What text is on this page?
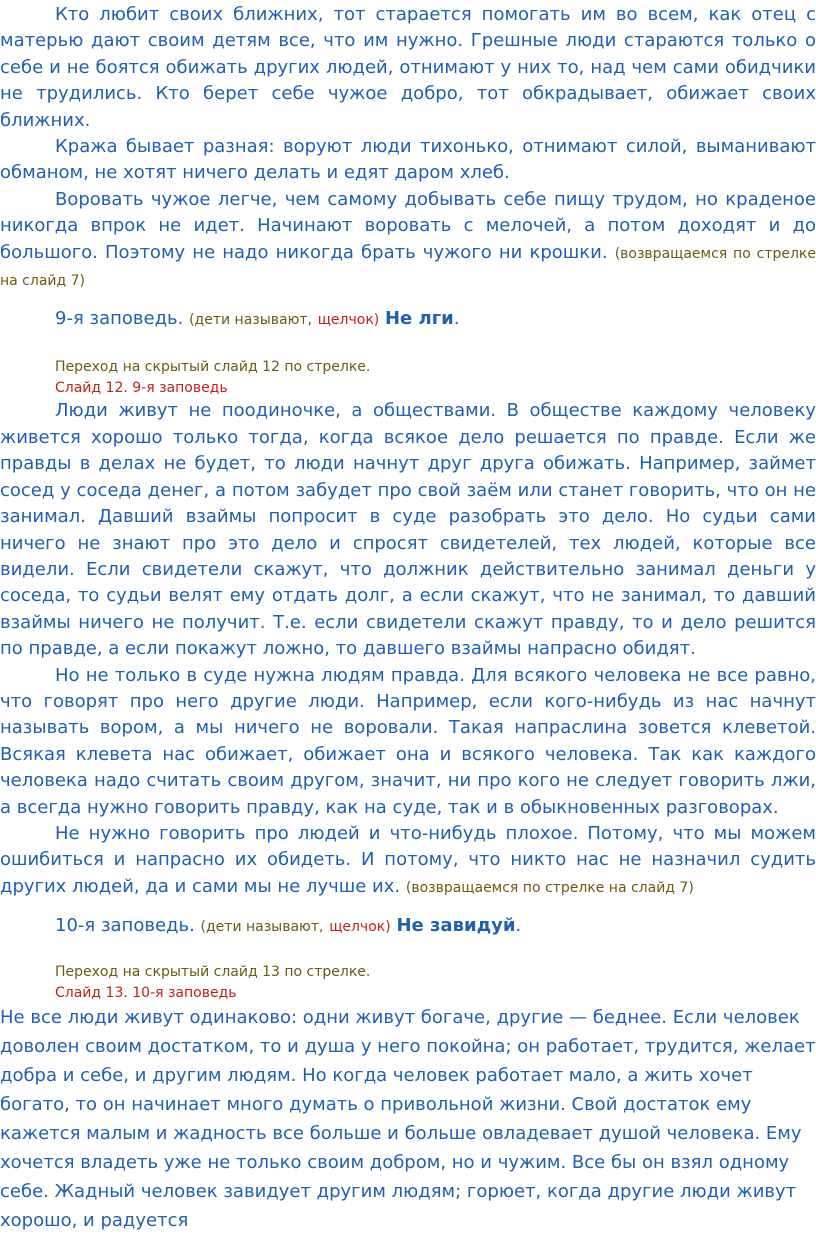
Кто любит своих ближних, тот старается помогать им во всем, как отец с матерью дают своим детям все, что им нужно. Грешные люди стараются только о себе и не боятся обижать других людей, отнимают у них то, над чем сами обидчики не трудились. Кто берет себе чужое добро, тот обкрадывает, обижает своих ближних.

Кража бывает разная: воруют люди тихонько, отнимают силой, выманивают обманом, не хотят ничего делать и едят даром хлеб.

Воровать чужое легче, чем самому добывать себе пищу трудом, но краденое никогда впрок не идет. Начинают воровать с мелочей, а потом доходят и до большого. Поэтому не надо никогда брать чужого ни крошки. (возвращаемся по стрелке на слайд 7)

9-я заповедь. (дети называют, щелчок) Не лги.

Переход на скрытый слайд 12 по стрелке.

Слайд 12. 9-я заповедь

Люди живут не поодиночке, а обществами. В обществе каждому человеку живется хорошо только тогда, когда всякое дело решается по правде. Если же правды в делах не будет, то люди начнут друг друга обижать. Например, займет сосед у соседа денег, а потом забудет про свой заём или станет говорить, что он не занимал. Давший взаймы попросит в суде разобрать это дело. Но судьи сами ничего не знают про это дело и спросят свидетелей, тех людей, которые все видели. Если свидетели скажут, что должник действительно занимал деньги у соседа, то судьи велят ему отдать долг, а если скажут, что не занимал, то давший взаймы ничего не получит. Т.е. если свидетели скажут правду, то и дело решится по правде, а если покажут ложно, то давшего взаймы напрасно обидят.

Но не только в суде нужна людям правда. Для всякого человека не все равно, что говорят про него другие люди. Например, если кого-нибудь из нас начнут называть вором, а мы ничего не воровали. Такая напраслина зовется клеветой. Всякая клевета нас обижает, обижает она и всякого человека. Так как каждого человека надо считать своим другом, значит, ни про кого не следует говорить лжи, а всегда нужно говорить правду, как на суде, так и в обыкновенных разговорах.

Не нужно говорить про людей и что-нибудь плохое. Потому, что мы можем ошибиться и напрасно их обидеть. И потому, что никто нас не назначил судить других людей, да и сами мы не лучше их. (возвращаемся по стрелке на слайд 7)

10-я заповедь. (дети называют, щелчок) Не завидуй.

Переход на скрытый слайд 13 по стрелке.

Слайд 13. 10-я заповедь

Не все люди живут одинаково: одни живут богаче, другие — беднее. Если человек доволен своим достатком, то и душа у него покойна; он работает, трудится, желает добра и себе, и другим людям. Но когда человек работает мало, а жить хочет богато, то он начинает много думать о привольной жизни. Свой достаток ему кажется малым и жадность все больше и больше овладевает душой человека. Ему хочется владеть уже не только своим добром, но и чужим. Все бы он взял одному себе. Жадный человек завидует другим людям; горюет, когда другие люди живут хорошо, и радуется
